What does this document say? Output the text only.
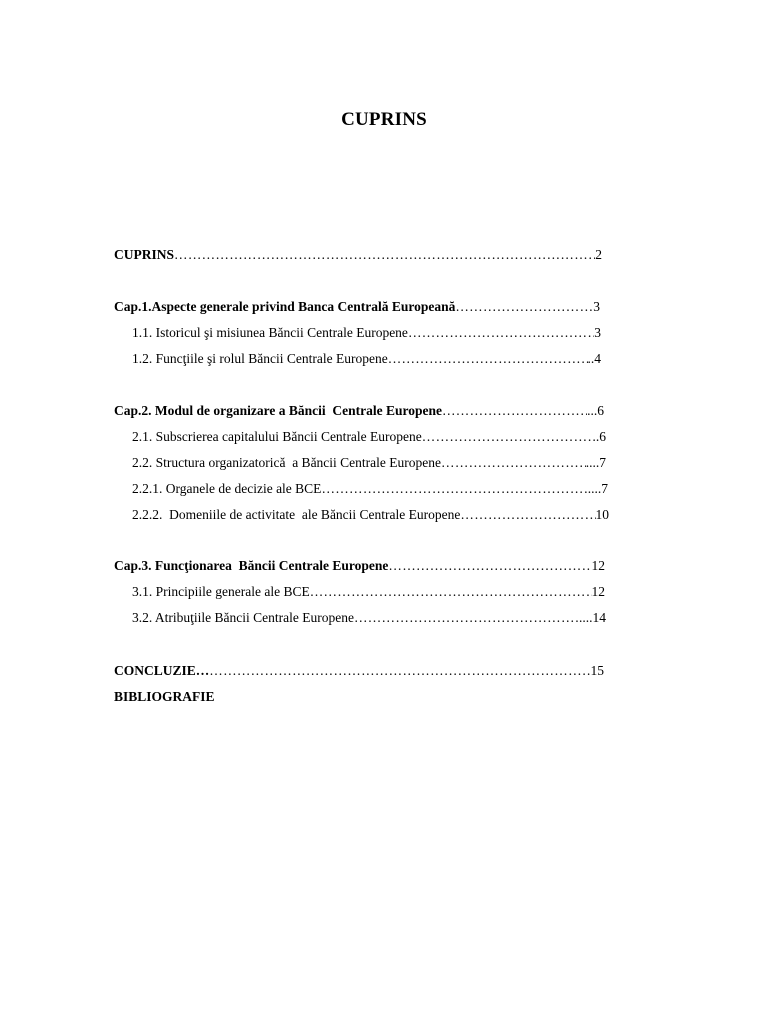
CUPRINS
CUPRINS ………………………………………………………………………………………………………………………………………………………………………………………………………………………………	2
Cap.1.Aspecte generale privind Banca Centrală Europeană ………………………………………………………………………………………………………………………………………………………………………………………………………………………………	3
1.1. Istoricul şi misiunea Băncii Centrale Europene ………………………………………………………………………………………………………………………………………………………………………………………………………………………………	3
1.2. Funcţiile şi rolul Băncii Centrale Europene ………………………………………………………………………………………………………………………………………………………………………………………………………………………………	..4
Cap.2. Modul de organizare a Băncii  Centrale Europene ………………………………………………………………………………………………………………………………………………………………………………………………………………………………	...6
2.1. Subscrierea capitalului Băncii Centrale Europene ………………………………………………………………………………………………………………………………………………………………………………………………………………………………	.6
2.2. Structura organizatorică  a Băncii Centrale Europene ………………………………………………………………………………………………………………………………………………………………………………………………………………………………	....7
2.2.1. Organele de decizie ale BCE ………………………………………………………………………………………………………………………………………………………………………………………………………………………………	....7
2.2.2.  Domeniile de activitate  ale Băncii Centrale Europene ………………………………………………………………………………………………………………………………………………………………………………………………………………………………	10
Cap.3. Funcţionarea  Băncii Centrale Europene ………………………………………………………………………………………………………………………………………………………………………………………………………………………………	12
3.1. Principiile generale ale BCE ………………………………………………………………………………………………………………………………………………………………………………………………………………………………	12
3.2. Atribuţiile Băncii Centrale Europene ………………………………………………………………………………………………………………………………………………………………………………………………………………………………	....14
CONCLUZIE… ………………………………………………………………………………………………………………………………………………………………………………………………………………………………	15
BIBLIOGRAFIE
